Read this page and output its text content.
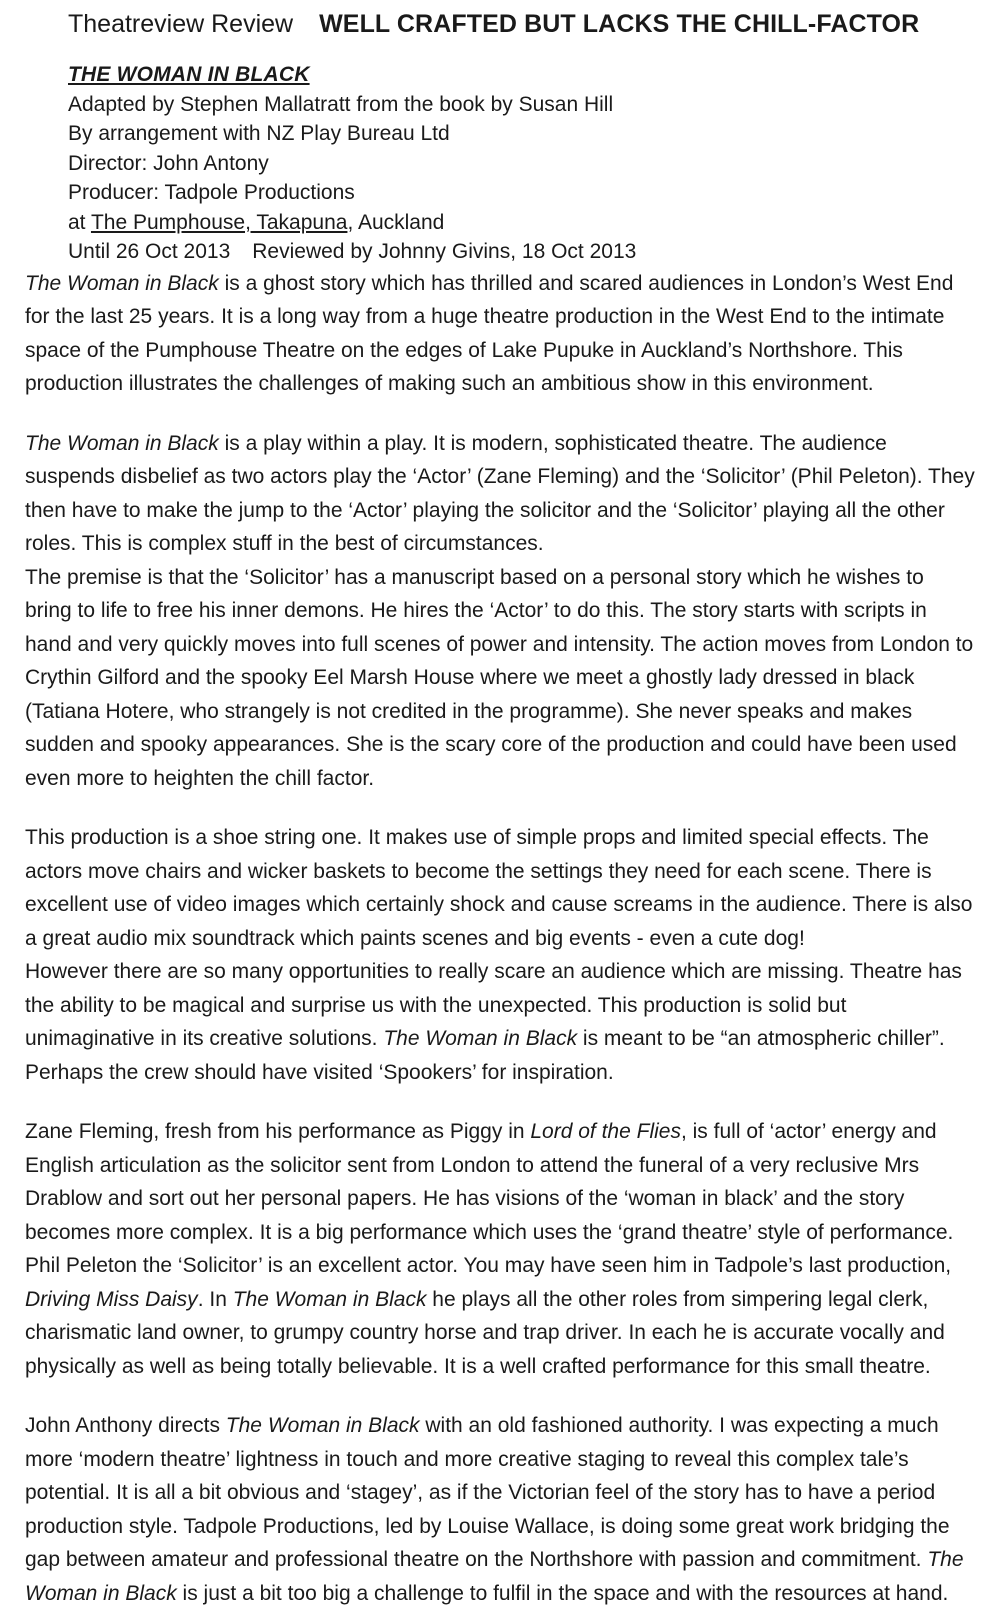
Theatreview Review WELL CRAFTED BUT LACKS THE CHILL-FACTOR
THE WOMAN IN BLACK
Adapted by Stephen Mallatratt from the book by Susan Hill
By arrangement with NZ Play Bureau Ltd
Director: John Antony
Producer: Tadpole Productions
at The Pumphouse, Takapuna, Auckland
Until 26 Oct 2013 Reviewed by Johnny Givins, 18 Oct 2013

The Woman in Black is a ghost story which has thrilled and scared audiences in London’s West End for the last 25 years. It is a long way from a huge theatre production in the West End to the intimate space of the Pumphouse Theatre on the edges of Lake Pupuke in Auckland’s Northshore. This production illustrates the challenges of making such an ambitious show in this environment.

The Woman in Black is a play within a play. It is modern, sophisticated theatre. The audience suspends disbelief as two actors play the ‘Actor’ (Zane Fleming) and the ‘Solicitor’ (Phil Peleton). They then have to make the jump to the ‘Actor’ playing the solicitor and the ‘Solicitor’ playing all the other roles. This is complex stuff in the best of circumstances.

The premise is that the ‘Solicitor’ has a manuscript based on a personal story which he wishes to bring to life to free his inner demons. He hires the ‘Actor’ to do this. The story starts with scripts in hand and very quickly moves into full scenes of power and intensity. The action moves from London to Crythin Gilford and the spooky Eel Marsh House where we meet a ghostly lady dressed in black (Tatiana Hotere, who strangely is not credited in the programme). She never speaks and makes sudden and spooky appearances. She is the scary core of the production and could have been used even more to heighten the chill factor.

This production is a shoe string one. It makes use of simple props and limited special effects. The actors move chairs and wicker baskets to become the settings they need for each scene. There is excellent use of video images which certainly shock and cause screams in the audience. There is also a great audio mix soundtrack which paints scenes and big events - even a cute dog!

However there are so many opportunities to really scare an audience which are missing. Theatre has the ability to be magical and surprise us with the unexpected. This production is solid but unimaginative in its creative solutions. The Woman in Black is meant to be “an atmospheric chiller”. Perhaps the crew should have visited ‘Spookers’ for inspiration.

Zane Fleming, fresh from his performance as Piggy in Lord of the Flies, is full of ‘actor’ energy and English articulation as the solicitor sent from London to attend the funeral of a very reclusive Mrs Drablow and sort out her personal papers. He has visions of the ‘woman in black’ and the story becomes more complex. It is a big performance which uses the ‘grand theatre’ style of performance.

Phil Peleton the ‘Solicitor’ is an excellent actor. You may have seen him in Tadpole’s last production, Driving Miss Daisy. In The Woman in Black he plays all the other roles from simpering legal clerk, charismatic land owner, to grumpy country horse and trap driver. In each he is accurate vocally and physically as well as being totally believable. It is a well crafted performance for this small theatre.

John Anthony directs The Woman in Black with an old fashioned authority. I was expecting a much more ‘modern theatre’ lightness in touch and more creative staging to reveal this complex tale’s potential. It is all a bit obvious and ‘stagey’, as if the Victorian feel of the story has to have a period production style. Tadpole Productions, led by Louise Wallace, is doing some great work bridging the gap between amateur and professional theatre on the Northshore with passion and commitment. The Woman in Black is just a bit too big a challenge to fulfil in the space and with the resources at hand.
